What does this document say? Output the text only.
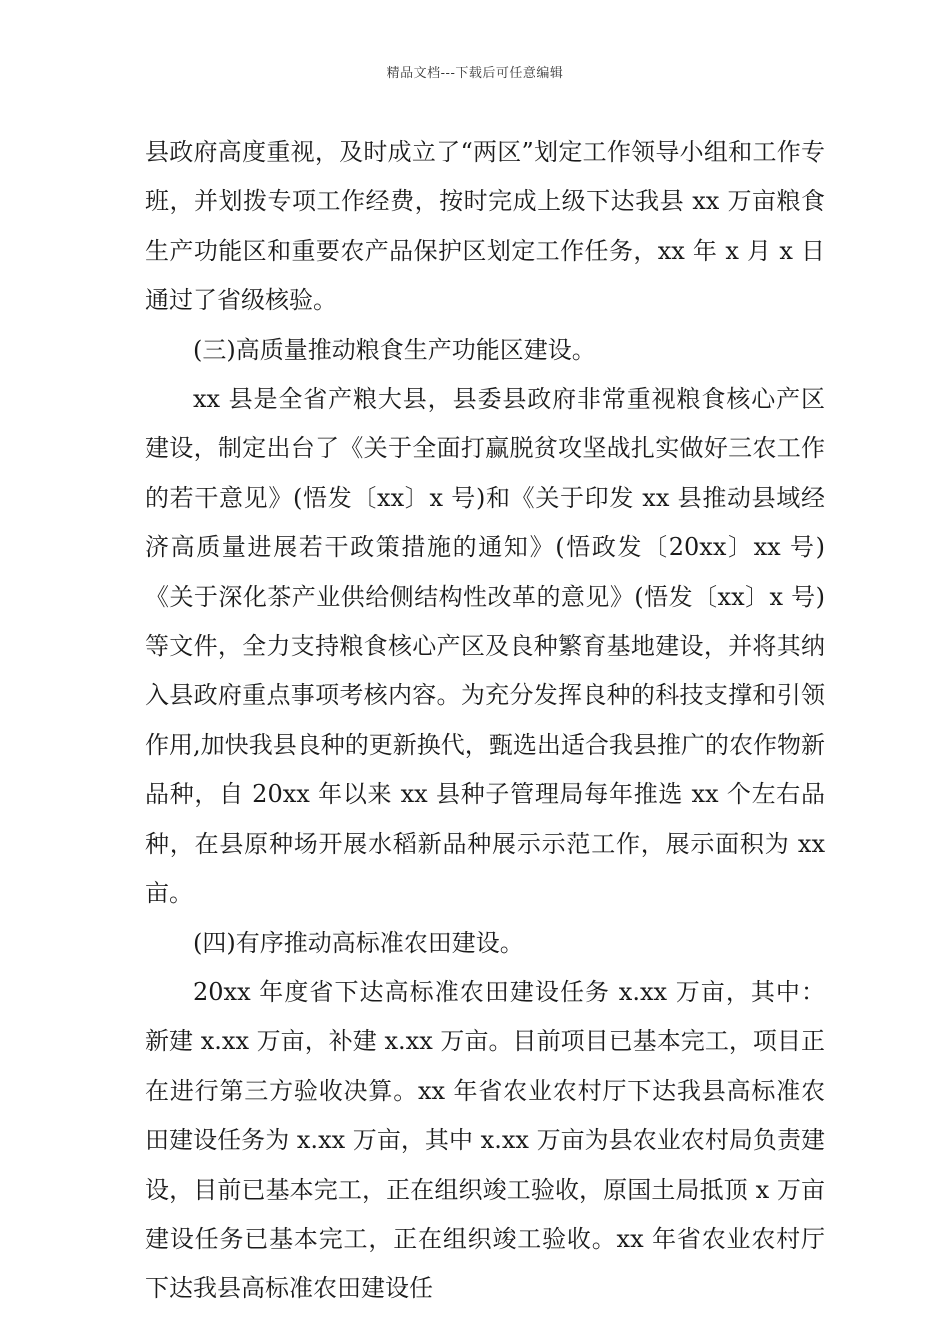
精品文档---下载后可任意编辑

县政府高度重视，及时成立了“两区”划定工作领导小组和工作专班，并划拨专项工作经费，按时完成上级下达我县 xx 万亩粮食生产功能区和重要农产品保护区划定工作任务，xx 年 x 月 x 日通过了省级核验。

(三)高质量推动粮食生产功能区建设。

xx 县是全省产粮大县，县委县政府非常重视粮食核心产区建设，制定出台了《关于全面打赢脱贫攻坚战扎实做好三农工作的若干意见》(悟发〔xx〕x 号)和《关于印发 xx 县推动县域经济高质量进展若干政策措施的通知》(悟政发〔20xx〕xx 号)《关于深化茶产业供给侧结构性改革的意见》(悟发〔xx〕x 号)等文件，全力支持粮食核心产区及良种繁育基地建设，并将其纳入县政府重点事项考核内容。为充分发挥良种的科技支撑和引领作用,加快我县良种的更新换代，甄选出适合我县推广的农作物新品种，自 20xx 年以来 xx 县种子管理局每年推选 xx 个左右品种，在县原种场开展水稻新品种展示示范工作，展示面积为 xx 亩。

(四)有序推动高标准农田建设。

20xx 年度省下达高标准农田建设任务 x.xx 万亩，其中：新建 x.xx 万亩，补建 x.xx 万亩。目前项目已基本完工，项目正在进行第三方验收决算。xx 年省农业农村厅下达我县高标准农田建设任务为 x.xx 万亩，其中 x.xx 万亩为县农业农村局负责建设，目前已基本完工，正在组织竣工验收，原国土局抵顶 x 万亩建设任务已基本完工，正在组织竣工验收。xx 年省农业农村厅下达我县高标准农田建设任
